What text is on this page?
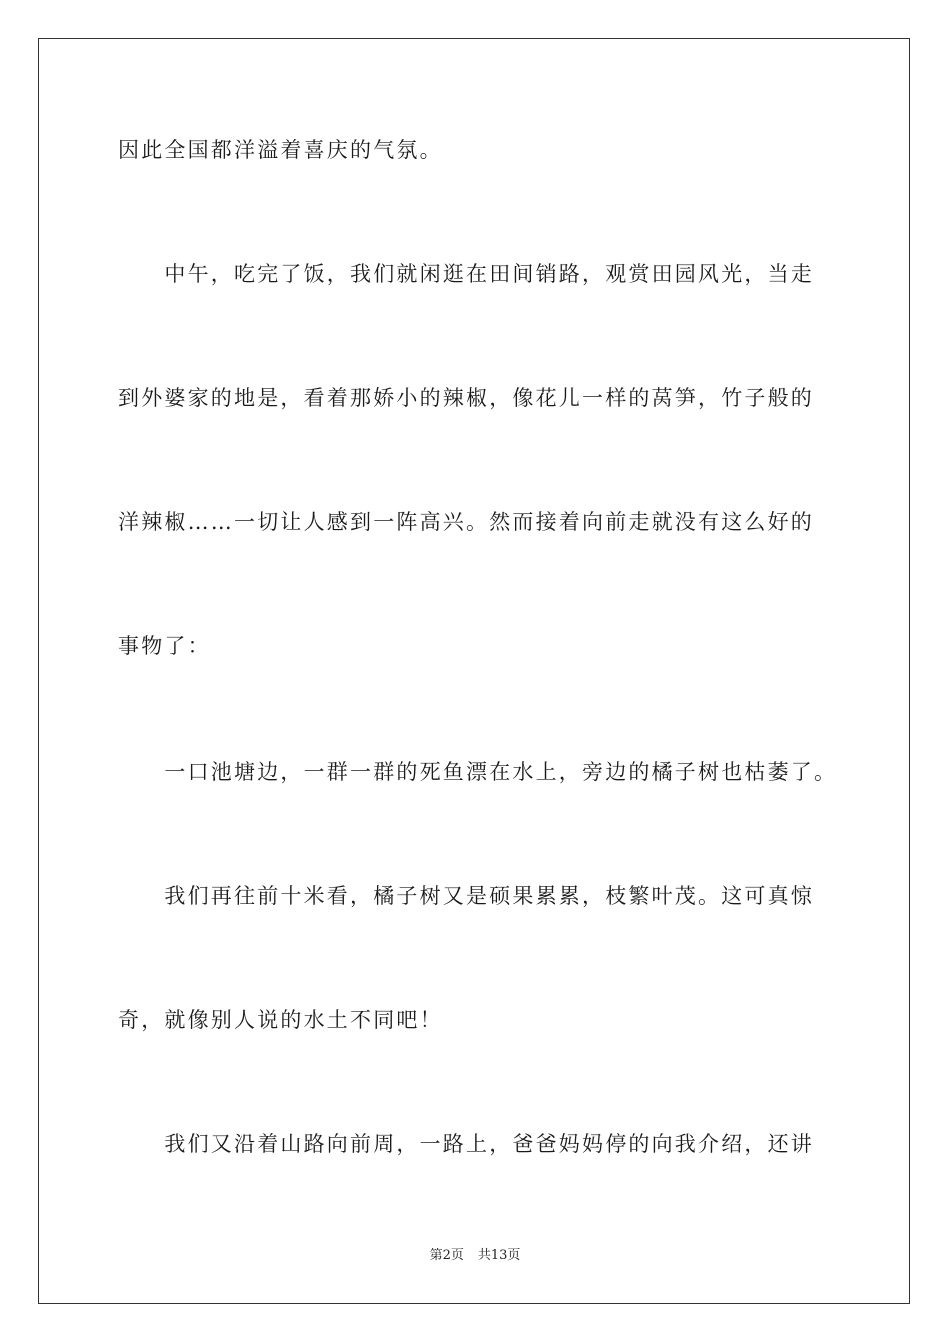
因此全国都洋溢着喜庆的气氛。
　　中午，吃完了饭，我们就闲逛在田间销路，观赏田园风光，当走
到外婆家的地是，看着那娇小的辣椒，像花儿一样的莴笋，竹子般的
洋辣椒……一切让人感到一阵高兴。然而接着向前走就没有这么好的
事物了：
　　一口池塘边，一群一群的死鱼漂在水上，旁边的橘子树也枯萎了。
　　我们再往前十米看，橘子树又是硕果累累，枝繁叶茂。这可真惊
奇，就像别人说的水土不同吧！
　　我们又沿着山路向前周，一路上，爸爸妈妈停的向我介绍，还讲
第2页 共13页
